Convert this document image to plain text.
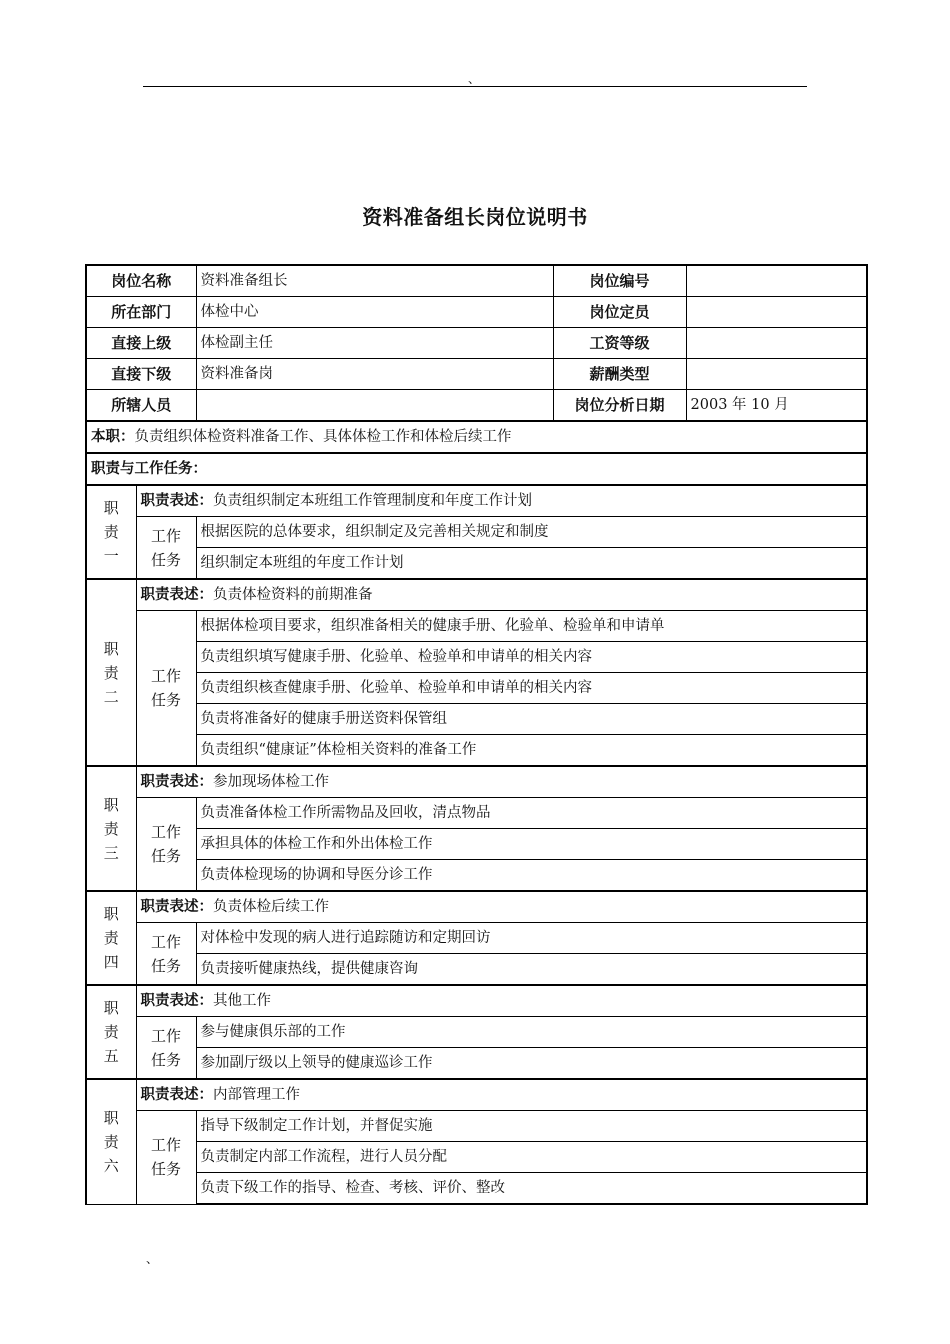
、
资料准备组长岗位说明书
岗位名称		资料准备组长	岗位编号	
所在部门		体检中心	岗位定员	
直接上级		体检副主任	工资等级	
直接下级		资料准备岗	薪酬类型	
所辖人员			岗位分析日期	2003 年 10 月
本职：负责组织体检资料准备工作、具体体检工作和体检后续工作				
职责与工作任务：				

职
责
一	职责表述：负责组织制定本班组工作管理制度和年度工作计划			

	工作
任务	根据医院的总体要求，组织制定及完善相关规定和制度		
		组织制定本班组的年度工作计划		

职
责
二	职责表述：负责体检资料的前期准备			

	工作
任务	根据体检项目要求，组织准备相关的健康手册、化验单、检验单和申请单		
		负责组织填写健康手册、化验单、检验单和申请单的相关内容		
		负责组织核查健康手册、化验单、检验单和申请单的相关内容		
		负责将准备好的健康手册送资料保管组		
		负责组织“健康证”体检相关资料的准备工作		

职
责
三	职责表述：参加现场体检工作			

	工作
任务	负责准备体检工作所需物品及回收，清点物品		
		承担具体的体检工作和外出体检工作		
		负责体检现场的协调和导医分诊工作		

职
责
四	职责表述：负责体检后续工作			

	工作
任务	对体检中发现的病人进行追踪随访和定期回访		
		负责接听健康热线，提供健康咨询		

职
责
五	职责表述：其他工作			

	工作
任务	参与健康俱乐部的工作		
		参加副厅级以上领导的健康巡诊工作		

职
责
六	职责表述：内部管理工作			

	工作
任务	指导下级制定工作计划，并督促实施		
		负责制定内部工作流程，进行人员分配		
		负责下级工作的指导、检查、考核、评价、整改		
、
